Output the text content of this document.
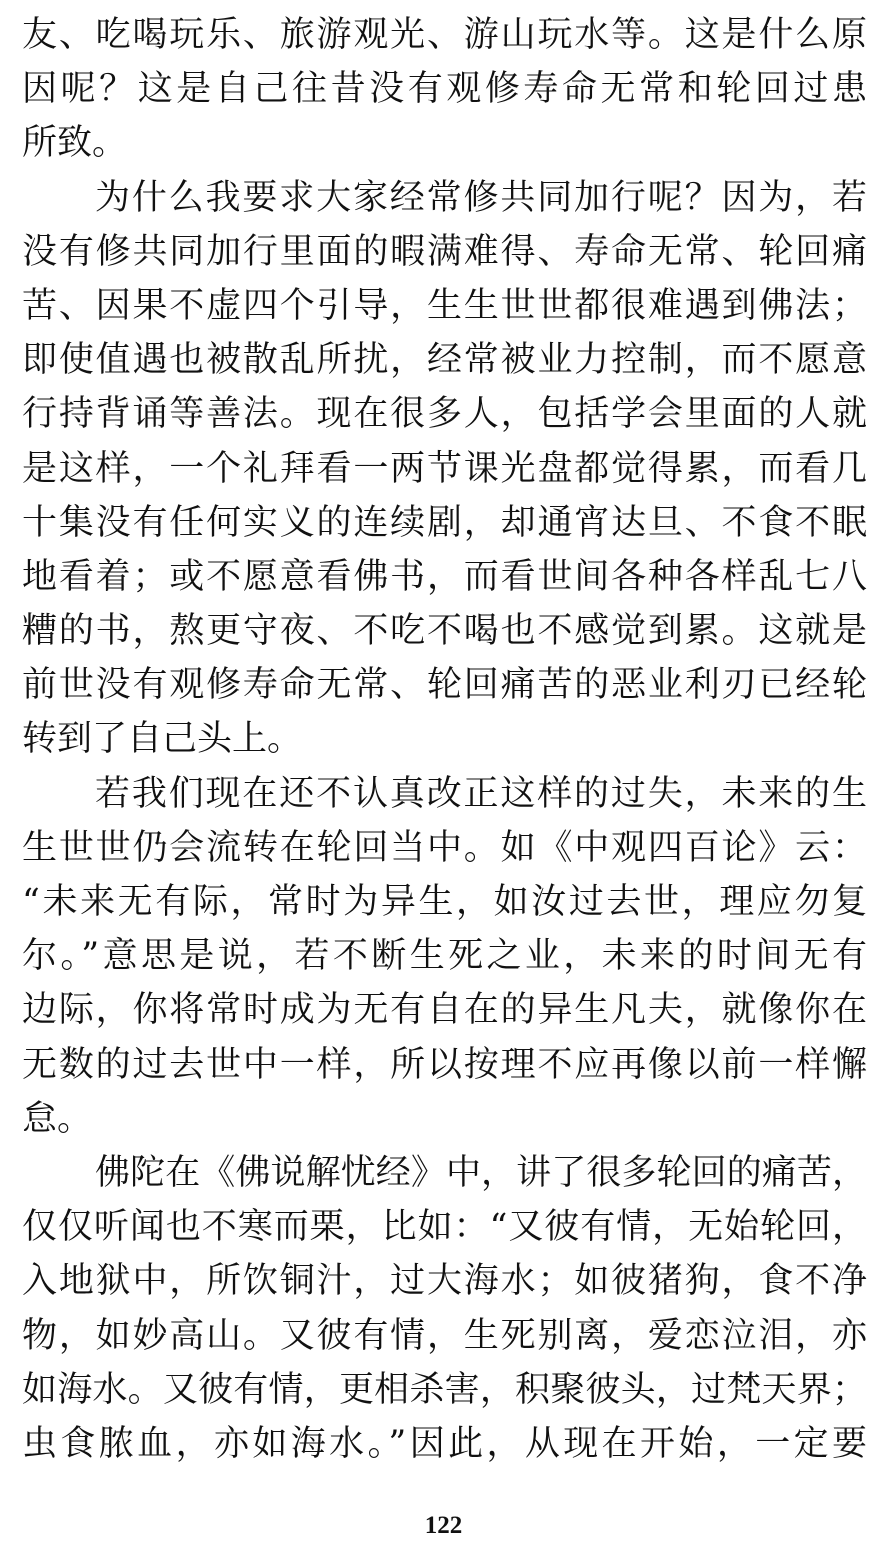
友、吃喝玩乐、旅游观光、游山玩水等。这是什么原
因呢？这是自己往昔没有观修寿命无常和轮回过患
所致。
为什么我要求大家经常修共同加行呢？因为，若
没有修共同加行里面的暇满难得、寿命无常、轮回痛
苦、因果不虚四个引导，生生世世都很难遇到佛法；
即使值遇也被散乱所扰，经常被业力控制，而不愿意
行持背诵等善法。现在很多人，包括学会里面的人就
是这样，一个礼拜看一两节课光盘都觉得累，而看几
十集没有任何实义的连续剧，却通宵达旦、不食不眠
地看着；或不愿意看佛书，而看世间各种各样乱七八
糟的书，熬更守夜、不吃不喝也不感觉到累。这就是
前世没有观修寿命无常、轮回痛苦的恶业利刃已经轮
转到了自己头上。
若我们现在还不认真改正这样的过失，未来的生
生世世仍会流转在轮回当中。如《中观四百论》云：
“未来无有际，常时为异生，如汝过去世，理应勿复
尔。”意思是说，若不断生死之业，未来的时间无有
边际，你将常时成为无有自在的异生凡夫，就像你在
无数的过去世中一样，所以按理不应再像以前一样懈
怠。
佛陀在《佛说解忧经》中，讲了很多轮回的痛苦，
仅仅听闻也不寒而栗，比如：“又彼有情，无始轮回，
入地狱中，所饮铜汁，过大海水；如彼猪狗，食不净
物，如妙高山。又彼有情，生死别离，爱恋泣泪，亦
如海水。又彼有情，更相杀害，积聚彼头，过梵天界；
虫食脓血，亦如海水。”因此，从现在开始，一定要
122
